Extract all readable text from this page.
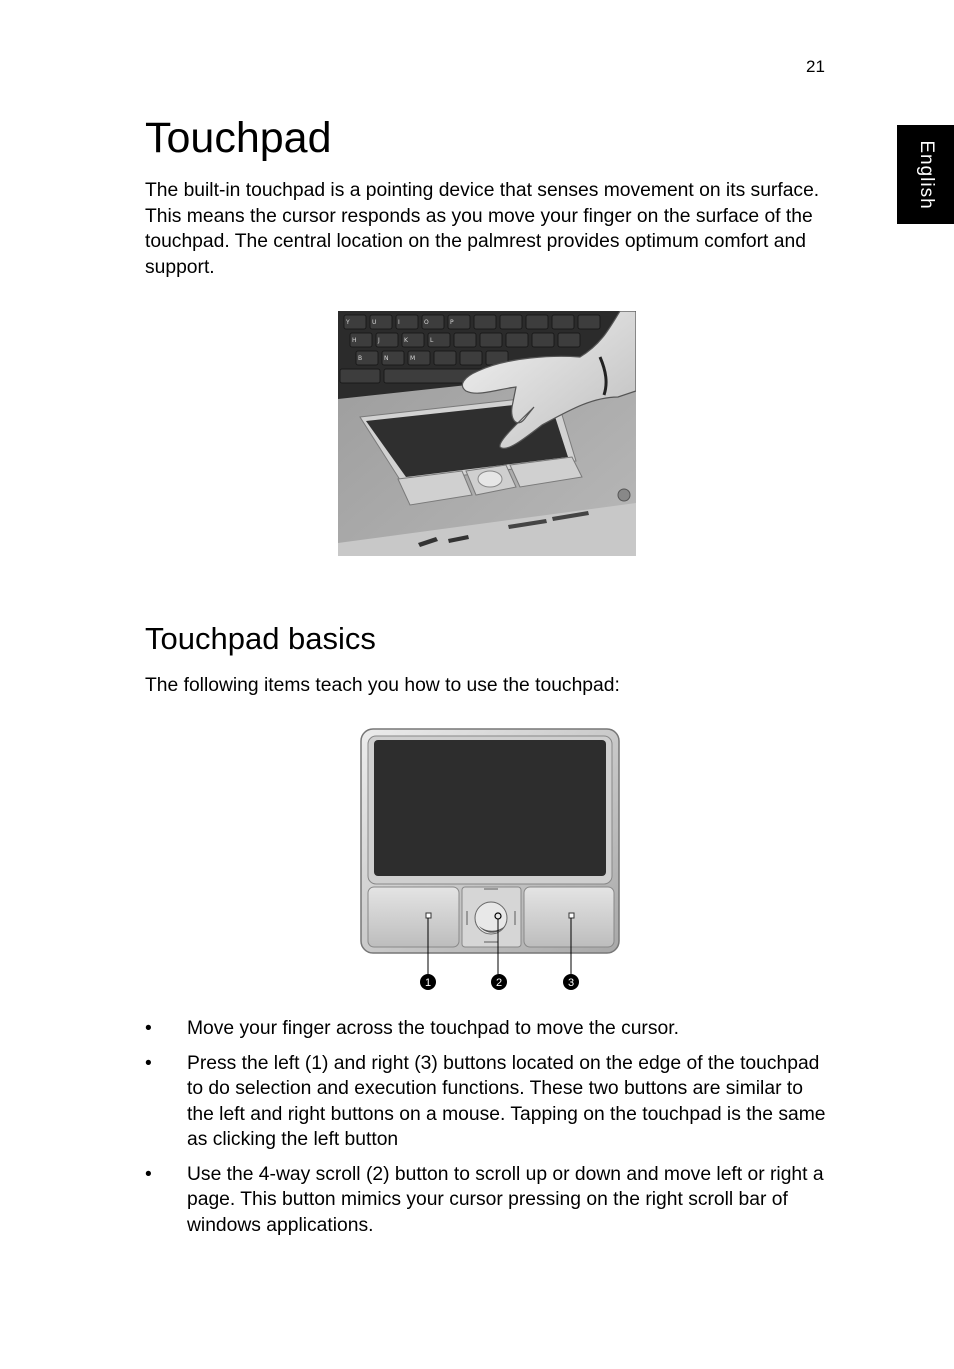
21
English
Touchpad

The built-in touchpad is a pointing device that senses movement on its surface. This means the cursor responds as you move your finger on the surface of the touchpad. The central location on the palmrest provides optimum comfort and support.

Y	U	I	O	P
H	J	K	L
B	N	M
Touchpad basics

The following items teach you how to use the touchpad:

1	2	3
• Move your finger across the touchpad to move the cursor.
• Press the left (1) and right (3) buttons located on the edge of the touchpad to do selection and execution functions. These two buttons are similar to the left and right buttons on a mouse. Tapping on the touchpad is the same as clicking the left button
• Use the 4-way scroll (2) button to scroll up or down and move left or right a page. This button mimics your cursor pressing on the right scroll bar of windows applications.
